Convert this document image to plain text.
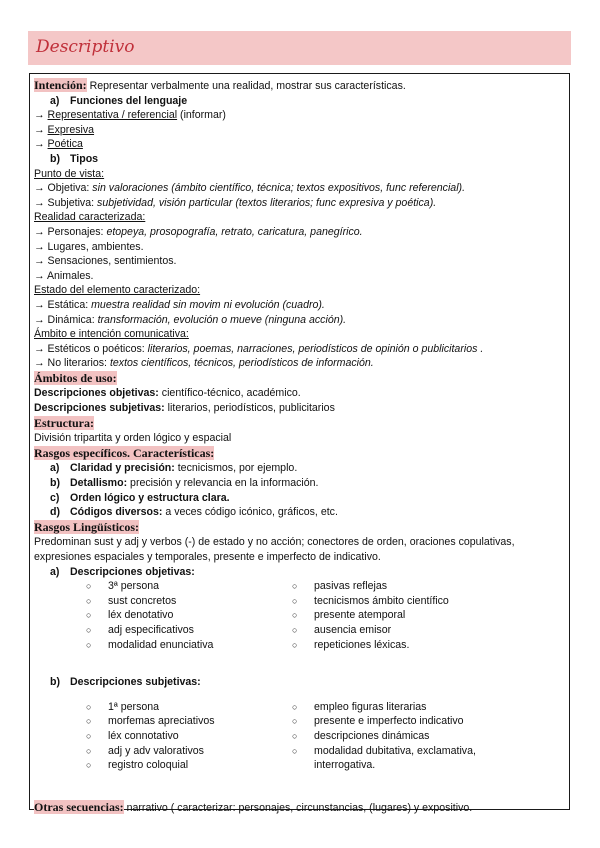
Descriptivo
Intención: Representar verbalmente una realidad, mostrar sus características.
a) Funciones del lenguaje
→ Representativa / referencial (informar)
→ Expresiva
→ Poética
b) Tipos
Punto de vista:
→ Objetiva: sin valoraciones (ámbito científico, técnica; textos expositivos, func referencial).
→ Subjetiva: subjetividad, visión particular (textos literarios; func expresiva y poética).
Realidad caracterizada:
→ Personajes: etopeya, prosopografía, retrato, caricatura, panegírico.
→ Lugares, ambientes.
→ Sensaciones, sentimientos.
→ Animales.
Estado del elemento caracterizado:
→ Estática: muestra realidad sin movim ni evolución (cuadro).
→ Dinámica: transformación, evolución o mueve (ninguna acción).
Ámbito e intención comunicativa:
→ Estéticos o poéticos: literarios, poemas, narraciones, periodísticos de opinión o publicitarios .
→ No literarios: textos científicos, técnicos, periodísticos de información.
Ámbitos de uso:
Descripciones objetivas: científico-técnico, académico.
Descripciones subjetivas: literarios, periodísticos, publicitarios
Estructura:
División tripartita y orden lógico y espacial
Rasgos específicos. Características:
a) Claridad y precisión: tecnicismos, por ejemplo.
b) Detallismo: precisión y relevancia en la información.
c) Orden lógico y estructura clara.
d) Códigos diversos: a veces código icónico, gráficos, etc.
Rasgos Lingüísticos:
Predominan sust y adj y verbos (-) de estado y no acción; conectores de orden, oraciones copulativas,
expresiones espaciales y temporales, presente e imperfecto de indicativo.
a) Descripciones objetivas:
○ 3ª persona
○ sust concretos
○ léx denotativo
○ adj especificativos
○ modalidad enunciativa
○ pasivas reflejas
○ tecnicismos ámbito científico
○ presente atemporal
○ ausencia emisor
○ repeticiones léxicas.
b) Descripciones subjetivas:
○ 1ª persona
○ morfemas apreciativos
○ léx connotativo
○ adj y adv valorativos
○ registro coloquial
○ empleo figuras literarias
○ presente e imperfecto indicativo
○ descripciones dinámicas
○ modalidad dubitativa, exclamativa,
interrogativa.
Otras secuencias: narrativo ( caracterizar: personajes, circunstancias, (lugares) y expositivo.
